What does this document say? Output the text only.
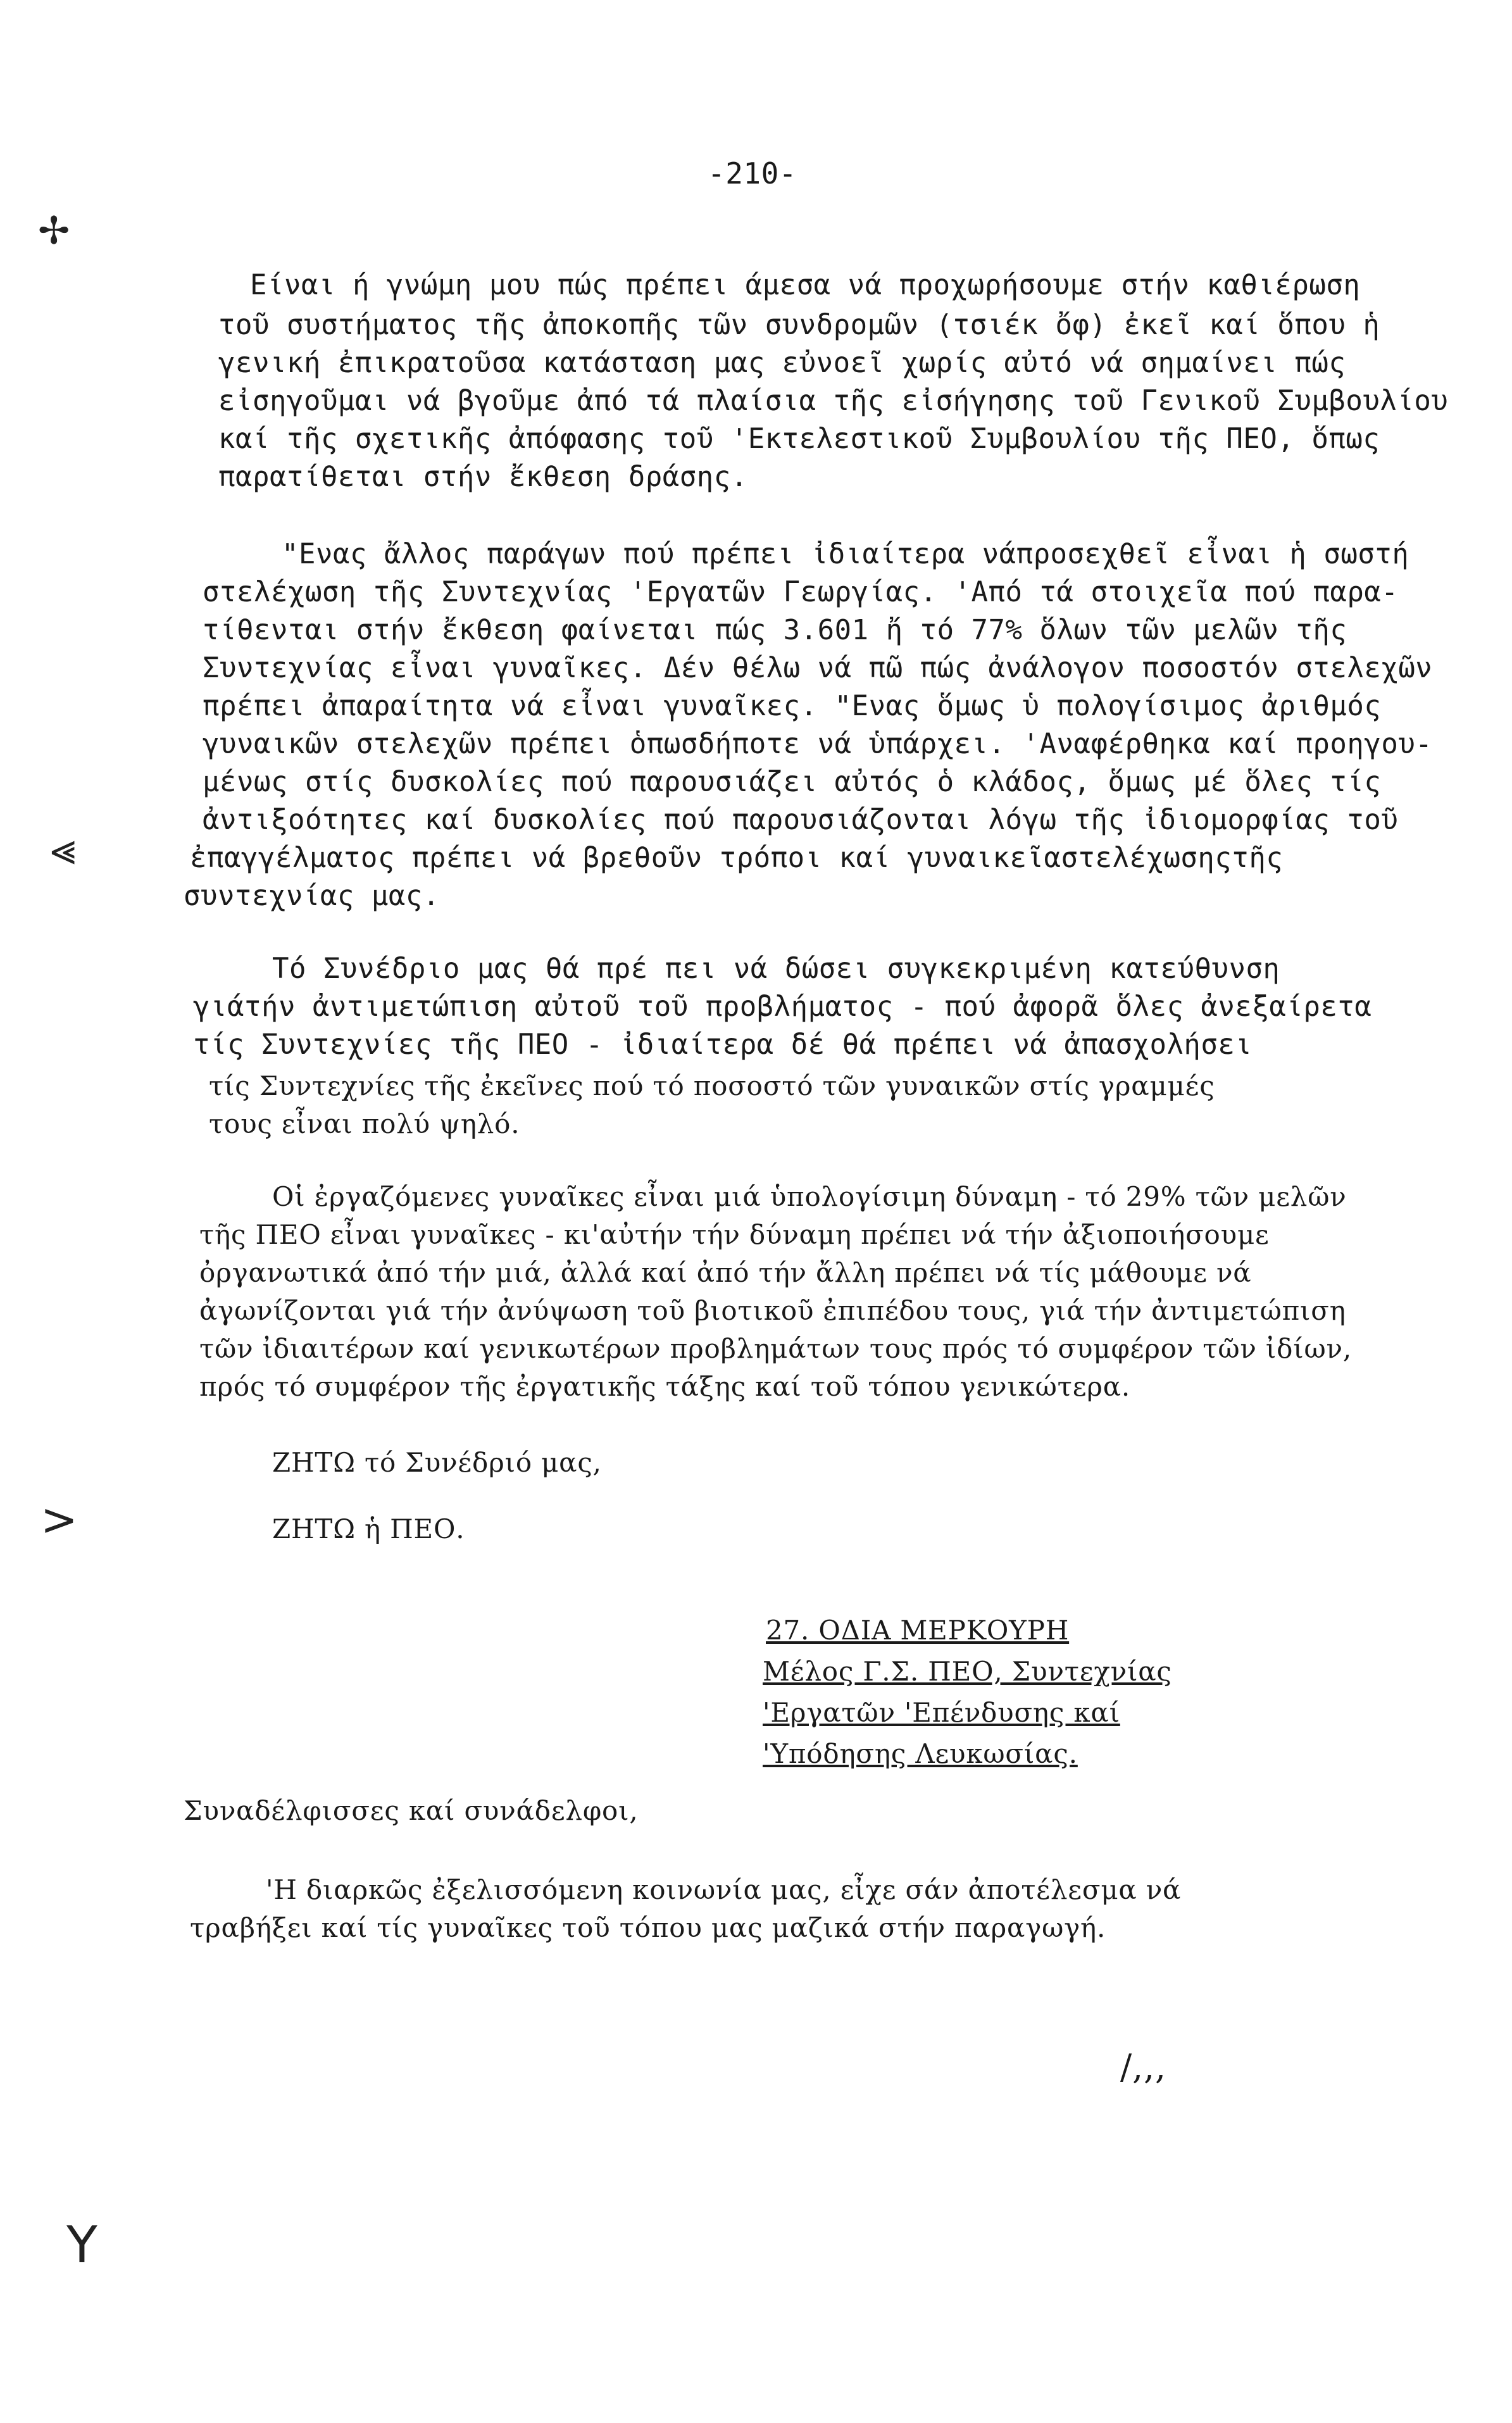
-210-
✢
⪡
>
Y
Είναι ή γνώμη μου πώς πρέπει άμεσα νά προχωρήσουμε στήν καθιέρωση
τοῦ συστήματος τῆς ἀποκοπῆς τῶν συνδρομῶν (τσιέκ ὄφ) ἐκεῖ καί ὅπου ἡ
γενική ἐπικρατοῦσα κατάσταση μας εὐνοεῖ χωρίς αὐτό νά σημαίνει πώς
εἰσηγοῦμαι νά βγοῦμε ἀπό τά πλαίσια τῆς εἰσήγησης τοῦ Γενικοῦ Συμβουλίου
καί τῆς σχετικῆς ἀπόφασης τοῦ 'Εκτελεστικοῦ Συμβουλίου τῆς ΠΕΟ, ὅπως
παρατίθεται στήν ἔκθεση δράσης.
"Ενας ἄλλος παράγων πού πρέπει ἰδιαίτερα νάπροσεχθεῖ εἶναι ἡ σωστή
στελέχωση τῆς Συντεχνίας 'Εργατῶν Γεωργίας. 'Από τά στοιχεῖα πού παρα-
τίθενται στήν ἔκθεση φαίνεται πώς 3.601 ἤ τό 77% ὅλων τῶν μελῶν τῆς
Συντεχνίας εἶναι γυναῖκες. Δέν θέλω νά πῶ πώς ἀνάλογον ποσοστόν στελεχῶν
πρέπει ἀπαραίτητα νά εἶναι γυναῖκες. "Ενας ὅμως ὑ πολογίσιμος ἀριθμός
γυναικῶν στελεχῶν πρέπει ὁπωσδήποτε νά ὑπάρχει. 'Αναφέρθηκα καί προηγου-
μένως στίς δυσκολίες πού παρουσιάζει αὐτός ὁ κλάδος, ὅμως μέ ὅλες τίς
ἀντιξοότητες καί δυσκολίες πού παρουσιάζονται λόγω τῆς ἰδιομορφίας τοῦ
ἐπαγγέλματος πρέπει νά βρεθοῦν τρόποι καί γυναικεῖαστελέχωσηςτῆς
συντεχνίας μας.
Τό Συνέδριο μας θά πρέ πει νά δώσει συγκεκριμένη κατεύθυνση
γιάτήν ἀντιμετώπιση αὐτοῦ τοῦ προβλήματος - πού ἀφορᾶ ὅλες ἀνεξαίρετα
τίς Συντεχνίες τῆς ΠΕΟ - ἰδιαίτερα δέ θά πρέπει νά ἀπασχολήσει
τίς Συντεχνίες τῆς ἐκεῖνες πού τό ποσοστό τῶν γυναικῶν στίς γραμμές
τους εἶναι πολύ ψηλό.
Οἱ ἐργαζόμενες γυναῖκες εἶναι μιά ὑπολογίσιμη δύναμη - τό 29% τῶν μελῶν
τῆς ΠΕΟ εἶναι γυναῖκες - κι'αὐτήν τήν δύναμη πρέπει νά τήν ἀξιοποιήσουμε
ὀργανωτικά ἀπό τήν μιά, ἀλλά καί ἀπό τήν ἄλλη πρέπει νά τίς μάθουμε νά
ἀγωνίζονται γιά τήν ἀνύψωση τοῦ βιοτικοῦ ἐπιπέδου τους, γιά τήν ἀντιμετώπιση
τῶν ἰδιαιτέρων καί γενικωτέρων προβλημάτων τους πρός τό συμφέρον τῶν ἰδίων,
πρός τό συμφέρον τῆς ἐργατικῆς τάξης καί τοῦ τόπου γενικώτερα.
ΖΗΤΩ τό Συνέδριό μας,
ΖΗΤΩ ἡ ΠΕΟ.
27. ΟΔΙΑ ΜΕΡΚΟΥΡΗ
Μέλος Γ.Σ. ΠΕΟ, Συντεχνίας
'Εργατῶν 'Επένδυσης καί
'Υπόδησης Λευκωσίας.
Συναδέλφισσες καί συνάδελφοι,
'Η διαρκῶς ἐξελισσόμενη κοινωνία μας, εἶχε σάν ἀποτέλεσμα νά
τραβήξει καί τίς γυναῖκες τοῦ τόπου μας μαζικά στήν παραγωγή.
/,,,
